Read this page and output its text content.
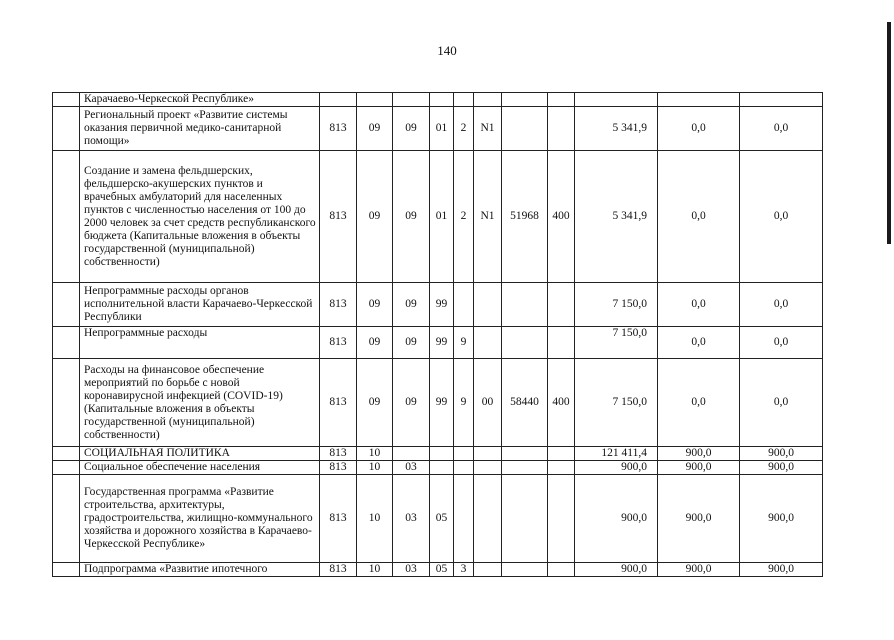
140
	Карачаево-Черкеской Республике»											
	Региональный проект «Развитие системы оказания первичной медико-санитарной помощи»	813	09	09	01	2	N1			5 341,9	0,0	0,0
	Создание и замена фельдшерских, фельдшерско-акушерских пунктов и врачебных амбулаторий для населенных пунктов с численностью населения от 100 до 2000 человек за счет средств республиканского бюджета (Капитальные вложения в объекты государственной (муниципальной) собственности)	813	09	09	01	2	N1	51968	400	5 341,9	0,0	0,0
	Непрограммные расходы органов исполнительной власти Карачаево-Черкесской Республики	813	09	09	99					7 150,0	0,0	0,0
	Непрограммные расходы	813	09	09	99	9				7 150,0	0,0	0,0
	Расходы на финансовое обеспечение мероприятий по борьбе с новой коронавирусной инфекцией (COVID-19) (Капитальные вложения в объекты государственной (муниципальной) собственности)	813	09	09	99	9	00	58440	400	7 150,0	0,0	0,0
	СОЦИАЛЬНАЯ ПОЛИТИКА	813	10							121 411,4	900,0	900,0
	Социальное обеспечение населения	813	10	03						900,0	900,0	900,0
	Государственная программа «Развитие строительства, архитектуры, градостроительства, жилищно-коммунального хозяйства и дорожного хозяйства в Карачаево-Черкесской Республике»	813	10	03	05					900,0	900,0	900,0
	Подпрограмма «Развитие ипотечного	813	10	03	05	3				900,0	900,0	900,0
